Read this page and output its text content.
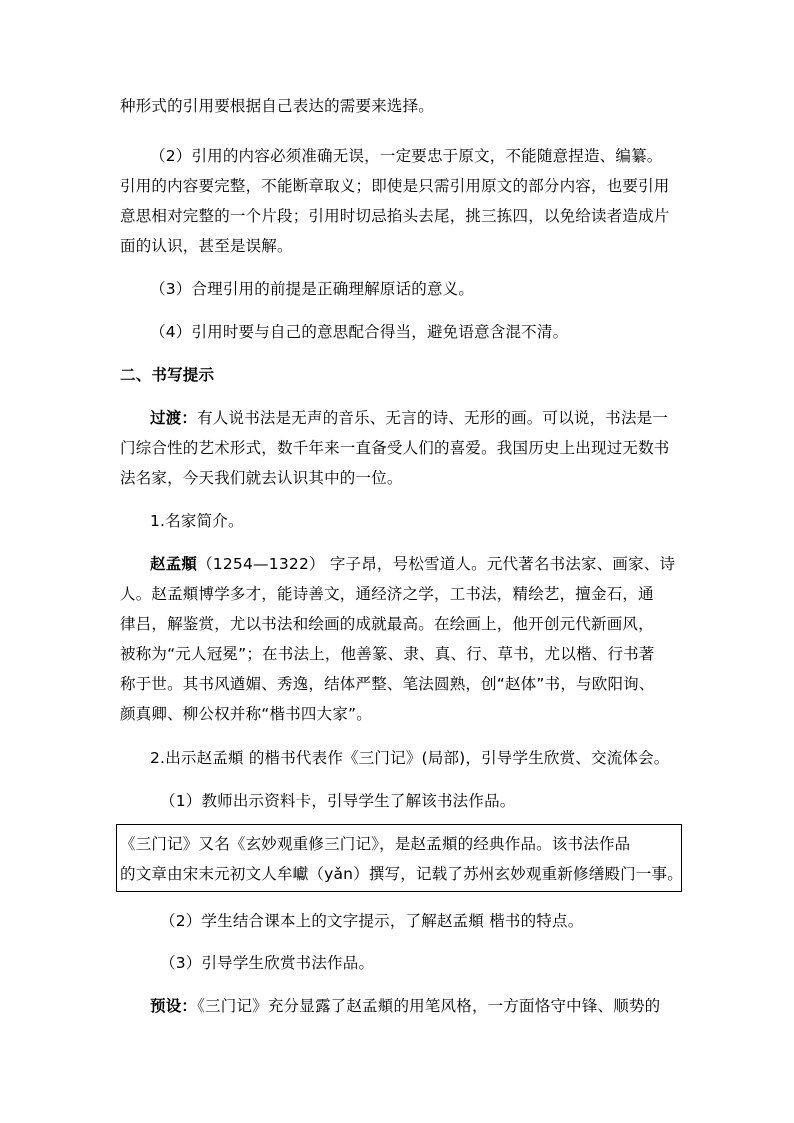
种形式的引用要根据自己表达的需要来选择。
（2）引用的内容必须准确无误，一定要忠于原文，不能随意捏造、编纂。
引用的内容要完整，不能断章取义；即使是只需引用原文的部分内容，也要引用
意思相对完整的一个片段；引用时切忌掐头去尾，挑三拣四，以免给读者造成片
面的认识，甚至是误解。
（3）合理引用的前提是正确理解原话的意义。
（4）引用时要与自己的意思配合得当，避免语意含混不清。
二、书写提示
过渡：有人说书法是无声的音乐、无言的诗、无形的画。可以说，书法是一
门综合性的艺术形式，数千年来一直备受人们的喜爱。我国历史上出现过无数书
法名家，今天我们就去认识其中的一位。
1.名家简介。
赵孟頫（1254—1322） 字子昂，号松雪道人。元代著名书法家、画家、诗
人。赵孟頫博学多才，能诗善文，通经济之学，工书法，精绘艺，擅金石，通
律吕，解鉴赏，尤以书法和绘画的成就最高。在绘画上，他开创元代新画风，
被称为“元人冠冕”；在书法上，他善篆、隶、真、行、草书，尤以楷、行书著
称于世。其书风遒媚、秀逸，结体严整、笔法圆熟，创“赵体”书，与欧阳询、
颜真卿、柳公权并称“楷书四大家”。
2.出示赵孟頫 的楷书代表作《三门记》(局部)，引导学生欣赏、交流体会。
（1）教师出示资料卡，引导学生了解该书法作品。
《三门记》又名《玄妙观重修三门记》，是赵孟頫的经典作品。该书法作品
的文章由宋末元初文人牟巘（yǎn）撰写，记载了苏州玄妙观重新修缮殿门一事。
（2）学生结合课本上的文字提示，了解赵孟頫 楷书的特点。
（3）引导学生欣赏书法作品。
预设：《三门记》充分显露了赵孟頫的用笔风格，一方面恪守中锋、顺势的
